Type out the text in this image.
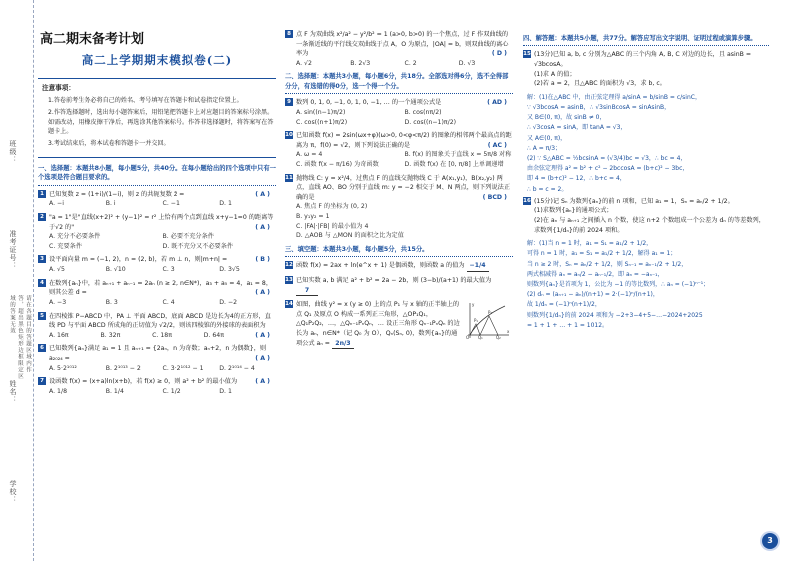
班级：
准考证号：
请在各题目的答题区域内作答，超出黑色矩形边框限定区域的答案无效
姓名：
学校：
高二期末备考计划
高二上学期期末模拟卷(二)
注意事项：

1.答卷前考生务必将自己的姓名、考号填写在答题卡和试卷指定位置上。

2.作答选择题时，选出每小题答案后，用铅笔把答题卡上对应题目的答案标号涂黑。如需改动，用橡皮擦干净后，再选涂其他答案标号。作答非选择题时，将答案写在答题卡上。

3.考试结束后，将本试卷和答题卡一并交回。

一、选择题：本题共8小题，每小题5分，共40分。在每小题给出的四个选项中只有一个选项是符合题目要求的。
1 已知复数 z = (1+i)/(1−i)，则 z 的共轭复数 z̄ =	( A )
A. −i	B. i	C. −1	D. 1
2 "a = 1"是"直线(x+2)² + (y−1)² = r² 上恰有两个点到直线 x+y−1=0 的距离等于√2 的"	( A )
A. 充分不必要条件	B. 必要不充分条件
C. 充要条件	D. 既不充分又不必要条件
3 设平面向量 m = (−1, 2)，n = (2, b)，若 m ⊥ n，则|m+n| =	( B )
A. √5	B. √10	C. 3	D. 3√5
4 在数列{aₙ}中，若 aₙ₊₁ + aₙ₋₁ = 2aₙ (n ≥ 2, n∈N*)，a₃ + a₅ = 4，a₁ = 8，则其公差 d =	( A )
A. −3	B. 3	C. 4	D. −2
5 在四棱锥 P−ABCD 中，PA ⊥ 平面 ABCD，底面 ABCD 是边长为4的正方形，直线 PD 与平面 ABCD 所成角的正切值为 √2/2，则该四棱锥的外接球的表面积为
( A )
A. 16π	B. 32π	C. 18π	D. 64π
6 已知数列{aₙ}满足 a₁ = 1 且 aₙ₊₁ = {2aₙ，n 为奇数；aₙ+2，n 为偶数}，则 a₂₀₂₄ =	( A )
A. 5·2¹⁰¹²	B. 2¹⁰¹³ − 2	C. 3·2¹⁰¹² − 1	D. 2¹⁰¹⁴ − 4
7 设函数 f(x) = (x+a)ln(x+b)，若 f(x) ≥ 0，则 a² + b² 的最小值为	( A )
A. 1/8	B. 1/4	C. 1/2	D. 1
8 点 F 为双曲线 x²/a² − y²/b² = 1 (a>0, b>0) 的一个焦点，过 F 作双曲线的一条渐近线的平行线交双曲线于点 A，O 为原点，|OA| = b，则双曲线的离心率为	( D )
A. √2	B. 2√3	C. 2	D. √3
二、选择题：本题共3小题，每小题6分，共18分。全部选对得6分，选不全得部分分，有选错的得0分，选一个得一个分。
9 数列 0, 1, 0, −1, 0, 1, 0, −1, … 的一个通项公式是	( AD )
A. sin((n−1)π/2)	B. cos(nπ/2)
C. cos((n+1)π/2)	D. cos((n−1)π/2)
10 已知函数 f(x) = 2sin(ωx+φ)(ω>0, 0<φ<π/2) 的图象的相邻两个最高点的距离为 π，f(0) = √2，则下列说法正确的是	( AC )
A. ω = 4	B. f(x) 的图象关于直线 x = 5π/8 对称
C. 函数 f(x − π/16) 为奇函数	D. 函数 f(x) 在 [0, π/8] 上单调递增
11 抛物线 C: y = x²/4，过焦点 F 的直线交抛物线 C 于 A(x₁,y₁)，B(x₂,y₂) 两点，直线 AO、BO 分别于直线 m: y = −2 相交于 M、N 两点，则下列说法正确的是	( BCD )
A. 焦点 F 的坐标为 (0, 2)
B. y₁y₂ = 1
C. |FA|·|FB| 的最小值为 4
D. △AOB 与 △MON 的面积之比为定值
三、填空题：本题共3小题，每小题5分，共15分。
12 函数 f(x) = 2ax + ln(e^x + 1) 是偶函数，则函数 a 的值为 −1/4
13 已知实数 a, b 满足 a² + b² = 2a − 2b，则 (3−b)/(a+1) 的最大值为 7
14
O Q₁	Q₂
P₁
P₂
x
y
如图，曲线 y² = x (y ≥ 0) 上的点 P₁ 与 x 轴的正半轴上的点 Q₁ 及原点 O 构成一系列正三角形，△OP₁Q₁，△Q₁P₂Q₂，…，△Qₙ₋₁PₙQₙ，… 设正三角形 Qₙ₋₁PₙQₙ 的边长为 aₙ，n∈N*（记 Q₀ 为 O），Qₙ(Sₙ, 0)，数列{aₙ}的通项公式 aₙ = 2n/3
四、解答题：本题共5小题，共77分。解答应写出文字说明、证明过程或演算步骤。
15 (13分)已知 a, b, c 分别为△ABC 的三个内角 A, B, C 对边的边长，且 asinB = √3bcosA。
(1)求 A 的值；
(2)若 a = 2，且△ABC 的面积为 √3，求 b, c。
解：(1)在△ABC 中，由正弦定理得 a/sinA = b/sinB = c/sinC，
∵ √3bcosA = asinB，∴ √3sinBcosA = sinAsinB，
又 B∈(0, π)，故 sinB ≠ 0，
∴ √3cosA = sinA，即 tanA = √3，
又 A∈(0, π)，
∴ A = π/3；
(2) ∵ S△ABC = ½bcsinA = (√3/4)bc = √3，∴ bc = 4，
由余弦定理得 a² = b² + c² − 2bccosA = (b+c)² − 3bc，
即 4 = (b+c)² − 12，∴ b+c = 4，
∴ b = c = 2。
16 (15分)记 Sₙ 为数列{aₙ}的前 n 项和，已知 a₁ = 1，Sₙ = aₙ/2 + 1/2。
(1)求数列{aₙ}的通项公式；
(2)在 aₙ 与 aₙ₊₁ 之间插入 n 个数，使这 n+2 个数组成一个公差为 dₙ 的等差数列，求数列{1/dₙ}的前 2024 项和。
解：(1)当 n = 1 时，a₁ = S₁ = a₁/2 + 1/2，
可得 n = 1 时，a₁ = S₁ = a₁/2 + 1/2，解得 a₁ = 1；
当 n ≥ 2 时，Sₙ = aₙ/2 + 1/2，则 Sₙ₋₁ = aₙ₋₁/2 + 1/2，
两式相减得 aₙ = aₙ/2 − aₙ₋₁/2，即 aₙ = −aₙ₋₁，
则数列{aₙ}是首项为 1，公比为 −1 的等比数列，∴ aₙ = (−1)ⁿ⁻¹；
(2) dₙ = (aₙ₊₁ − aₙ)/(n+1) = 2·(−1)ⁿ/(n+1)，
故 1/dₙ = (−1)ⁿ(n+1)/2，
则数列{1/dₙ}的前 2024 项和为 −2+3−4+5−…−2024+2025
= 1 + 1 + … + 1 = 1012。
3
